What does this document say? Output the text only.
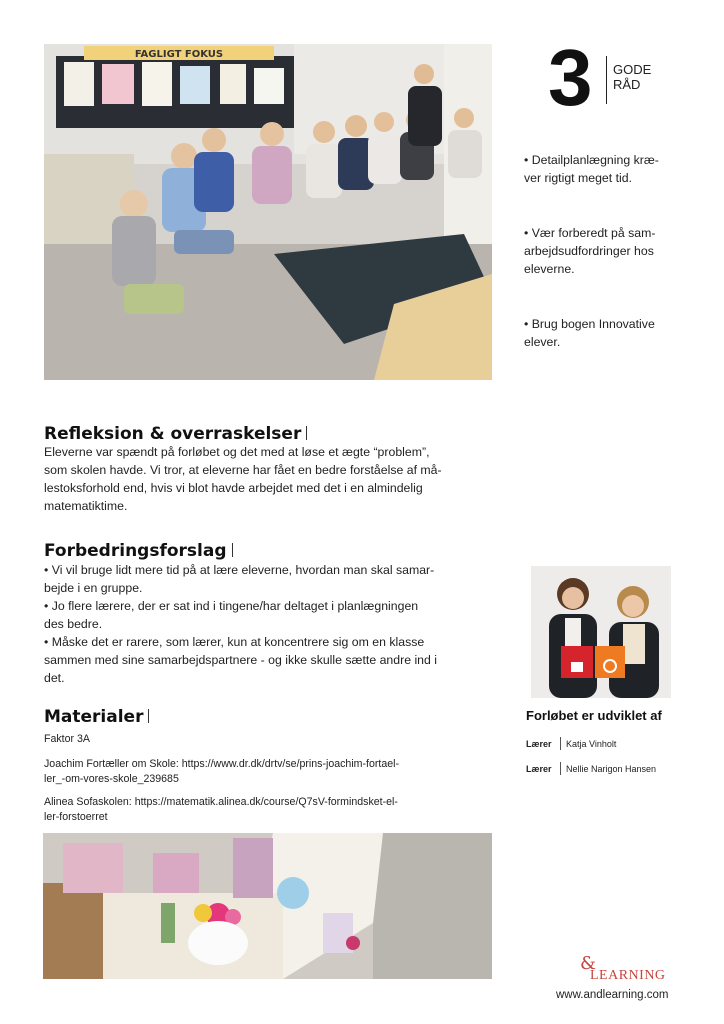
FAGLIGT FOKUS	3 GODE
RÅD
• Detailplanlægning kræ-
ver rigtigt meget tid.
• Vær forberedt på sam-
arbejdsudfordringer hos
eleverne.
• Brug bogen Innovative
elever.
Refleksion & overraskelser
Eleverne var spændt på forløbet og det med at løse et ægte “problem”,
som skolen havde. Vi tror, at eleverne har fået en bedre forståelse af må-
lestoksforhold end, hvis vi blot havde arbejdet med det i en almindelig
matematiktime.
Forbedringsforslag
• Vi vil bruge lidt mere tid på at lære eleverne, hvordan man skal samar-
bejde i en gruppe.
• Jo flere lærere, der er sat ind i tingene/har deltaget i planlægningen
des bedre.
• Måske det er rarere, som lærer, kun at koncentrere sig om en klasse
sammen med sine samarbejdspartnere - og ikke skulle sætte andre ind i
det.
Materialer
Faktor 3A
Joachim Fortæller om Skole: https://www.dr.dk/drtv/se/prins-joachim-fortael-
ler_-om-vores-skole_239685
Alinea Sofaskolen: https://matematik.alinea.dk/course/Q7sV-formindsket-el-
ler-forstoerret
Forløbet er udviklet af
Lærer Katja Vinholt
Lærer Nellie Narigon Hansen
&
LEARNING
www.andlearning.com
